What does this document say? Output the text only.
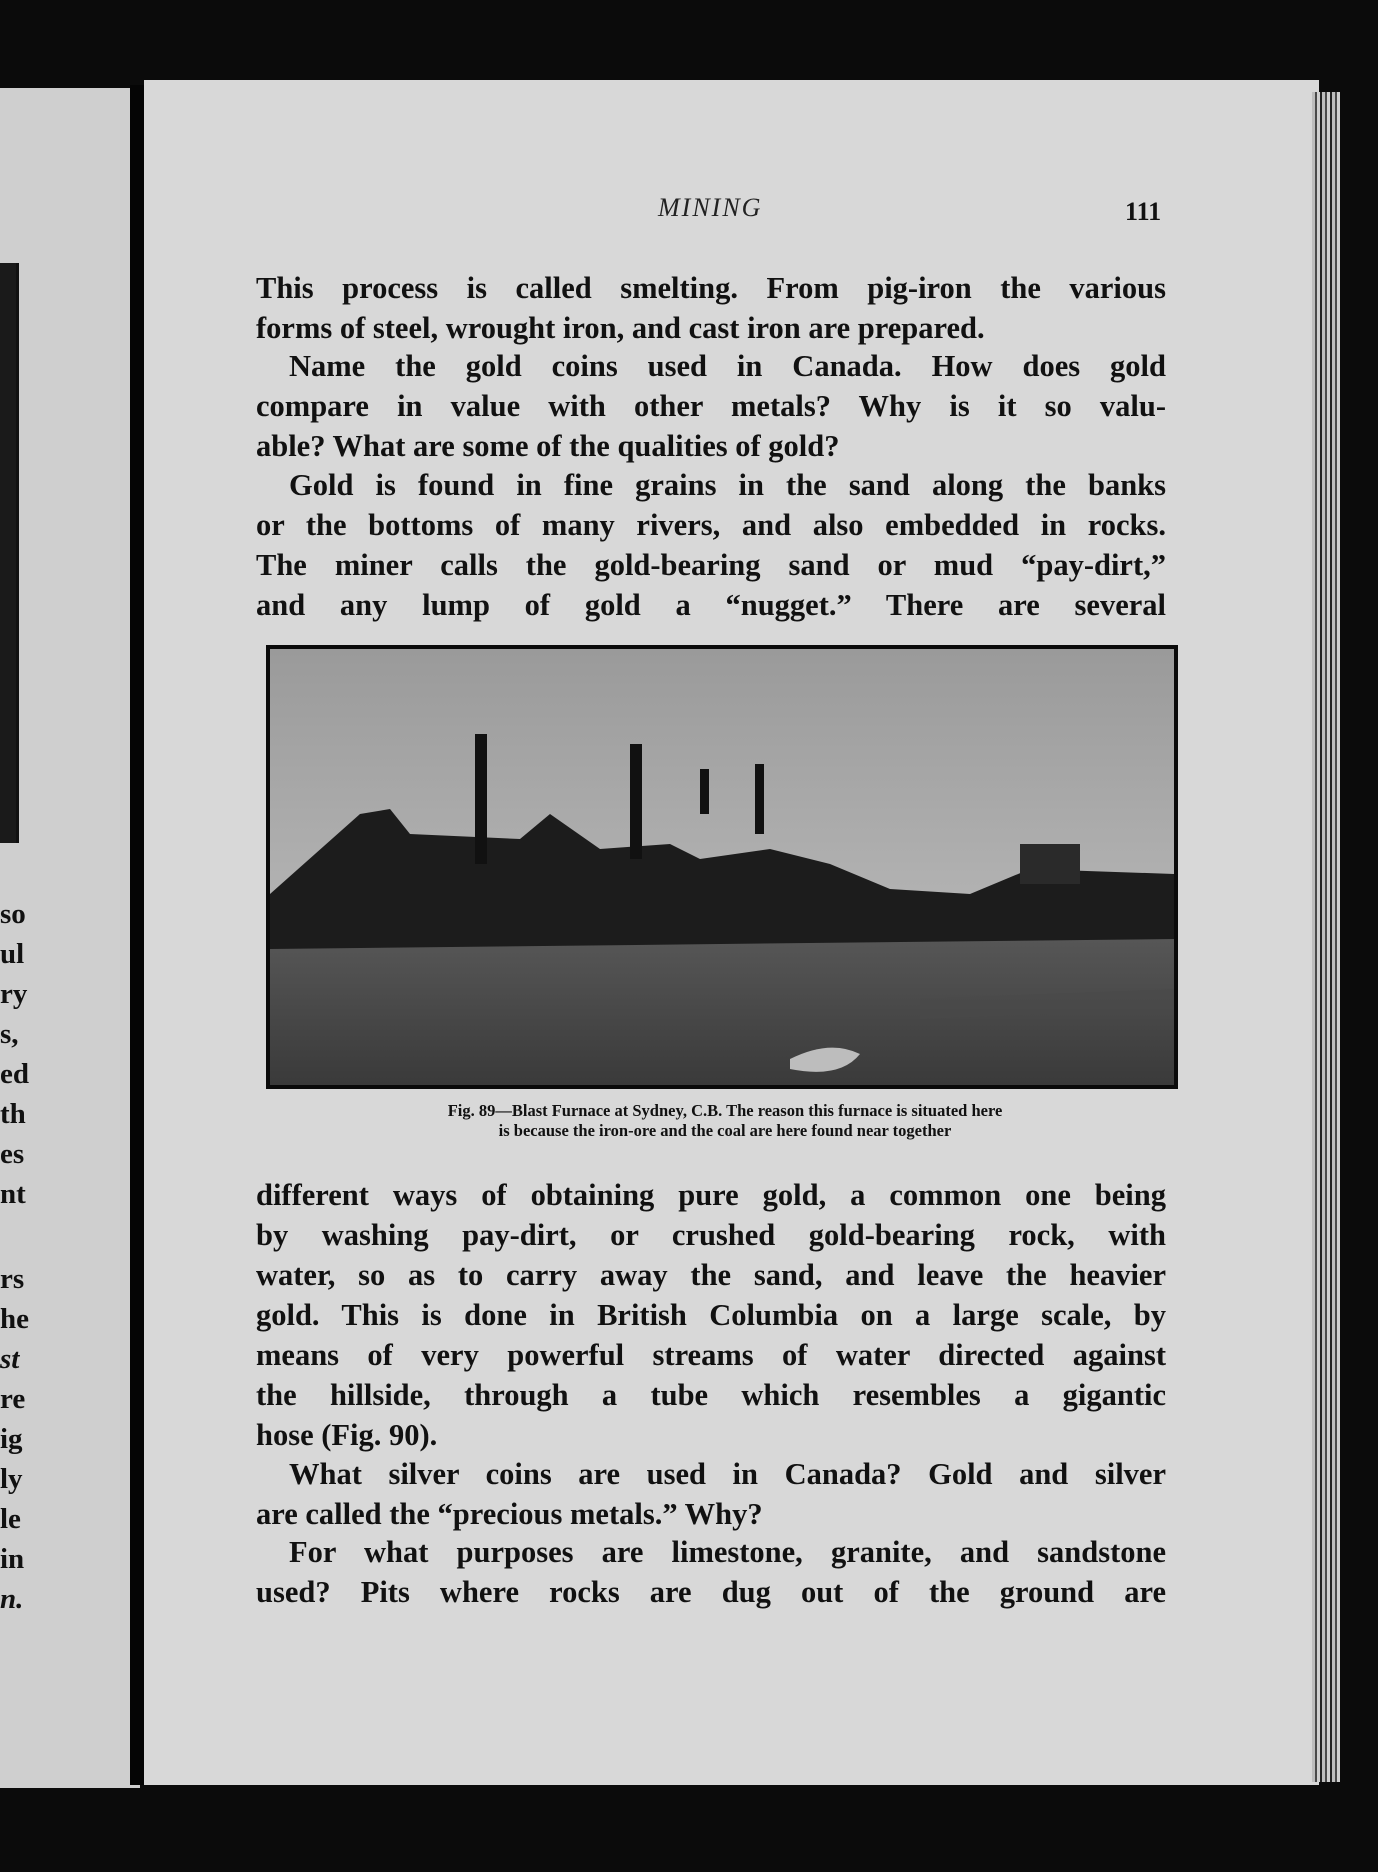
so
ul
ry
s,
ed
th
es
nt
rs
he
st
re
ig
ly
le
in
n.
MINING	111
This process is called smelting. From pig-iron the various
forms of steel, wrought iron, and cast iron are prepared.
Name the gold coins used in Canada. How does gold
compare in value with other metals? Why is it so valu-
able? What are some of the qualities of gold?
Gold is found in fine grains in the sand along the banks
or the bottoms of many rivers, and also embedded in rocks.
The miner calls the gold-bearing sand or mud “pay-dirt,”
and any lump of gold a “nugget.” There are several
Fig. 89—Blast Furnace at Sydney, C.B. The reason this furnace is situated here
is because the iron-ore and the coal are here found near together
different ways of obtaining pure gold, a common one being
by washing pay-dirt, or crushed gold-bearing rock, with
water, so as to carry away the sand, and leave the heavier
gold. This is done in British Columbia on a large scale, by
means of very powerful streams of water directed against
the hillside, through a tube which resembles a gigantic
hose (Fig. 90).
What silver coins are used in Canada? Gold and silver
are called the “precious metals.” Why?
For what purposes are limestone, granite, and sandstone
used? Pits where rocks are dug out of the ground are
